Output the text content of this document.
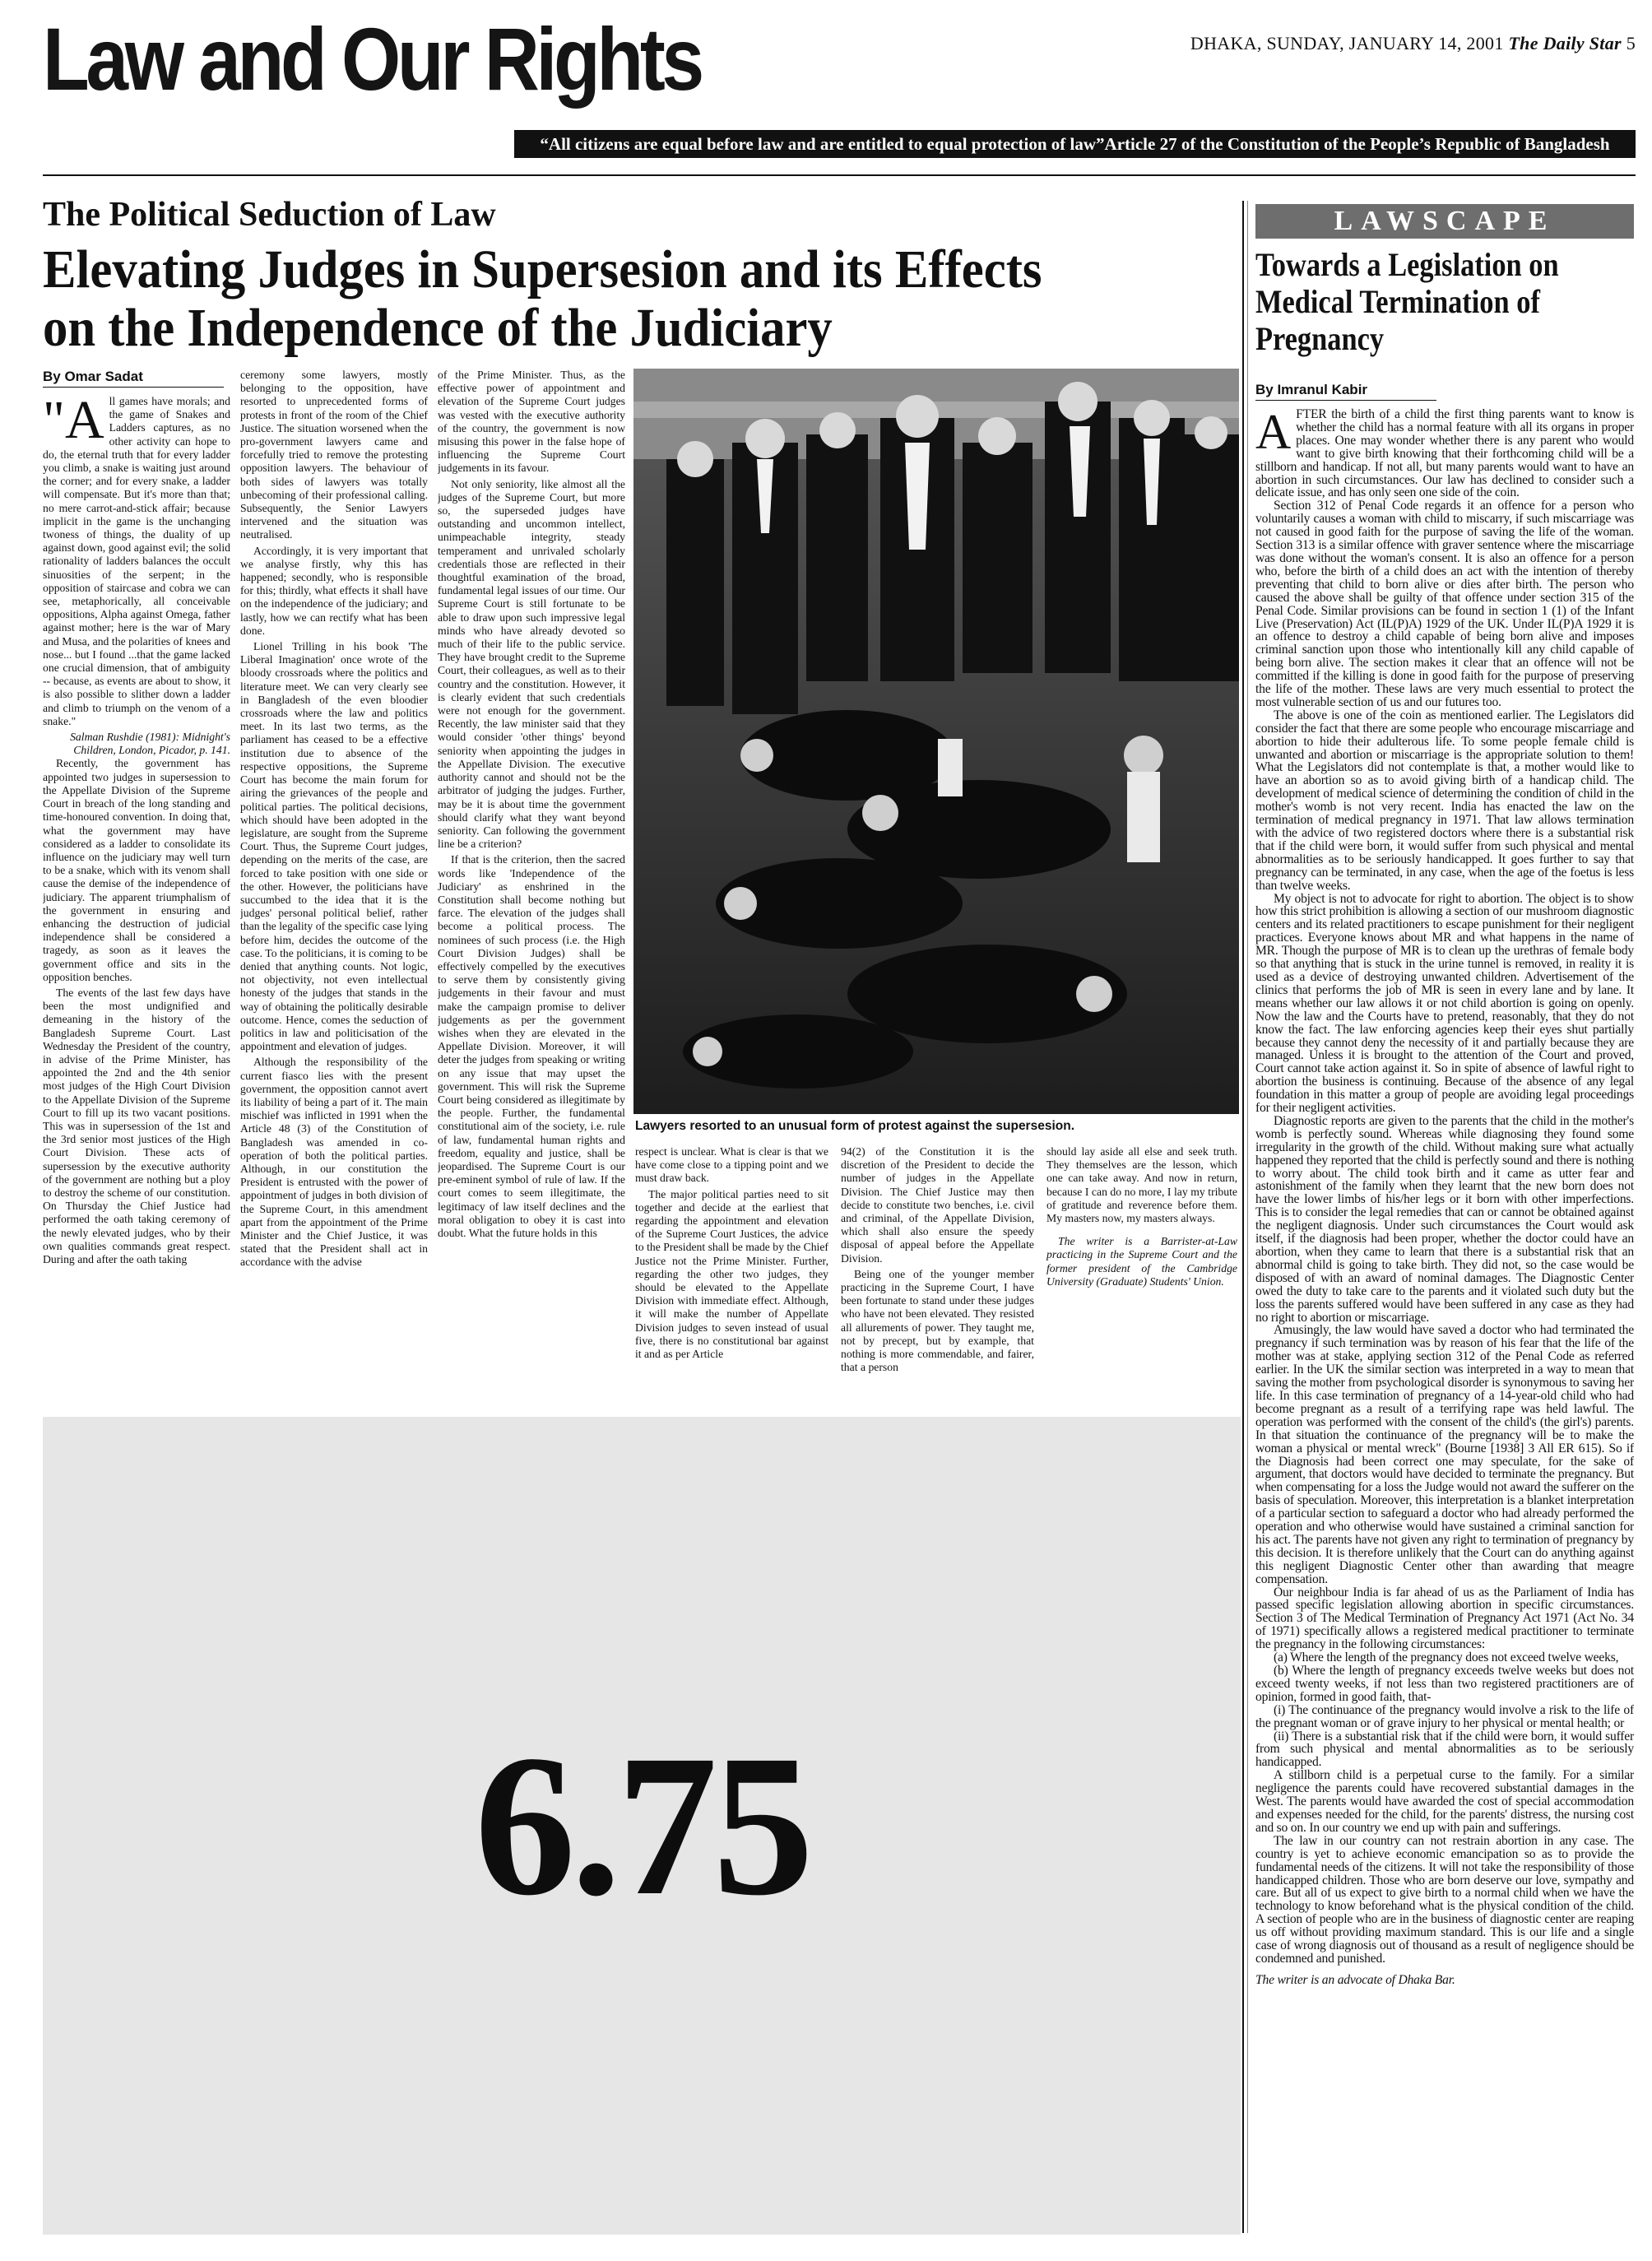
Law and Our Rights	DHAKA, SUNDAY, JANUARY 14, 2001 The Daily Star 5
“All citizens are equal before law and are entitled to equal protection of law”Article 27 of the Constitution of the People’s Republic of Bangladesh
The Political Seduction of Law
Elevating Judges in Supersesion and its Effects on the Independence of the Judiciary
By Omar Sadat

"All games have morals; and the game of Snakes and Ladders captures, as no other activity can hope to do, the eternal truth that for every ladder you climb, a snake is waiting just around the corner; and for every snake, a ladder will compensate. But it's more than that; no mere carrot-and-stick affair; because implicit in the game is the unchanging twoness of things, the duality of up against down, good against evil; the solid rationality of ladders balances the occult sinuosities of the serpent; in the opposition of staircase and cobra we can see, metaphorically, all conceivable oppositions, Alpha against Omega, father against mother; here is the war of Mary and Musa, and the polarities of knees and nose... but I found ...that the game lacked one crucial dimension, that of ambiguity -- because, as events are about to show, it is also possible to slither down a ladder and climb to triumph on the venom of a snake."

Salman Rushdie (1981): Midnight's Children, London, Picador, p. 141.

Recently, the government has appointed two judges in supersession to the Appellate Division of the Supreme Court in breach of the long standing and time-honoured convention. In doing that, what the government may have considered as a ladder to consolidate its influence on the judiciary may well turn to be a snake, which with its venom shall cause the demise of the independence of judiciary. The apparent triumphalism of the government in ensuring and enhancing the destruction of judicial independence shall be considered a tragedy, as soon as it leaves the government office and sits in the opposition benches.

The events of the last few days have been the most undignified and demeaning in the history of the Bangladesh Supreme Court. Last Wednesday the President of the country, in advise of the Prime Minister, has appointed the 2nd and the 4th senior most judges of the High Court Division to the Appellate Division of the Supreme Court to fill up its two vacant positions. This was in supersession of the 1st and the 3rd senior most justices of the High Court Division. These acts of supersession by the executive authority of the government are nothing but a ploy to destroy the scheme of our constitution. On Thursday the Chief Justice had performed the oath taking ceremony of the newly elevated judges, who by their own qualities commands great respect. During and after the oath taking

ceremony some lawyers, mostly belonging to the opposition, have resorted to unprecedented forms of protests in front of the room of the Chief Justice. The situation worsened when the pro-government lawyers came and forcefully tried to remove the protesting opposition lawyers. The behaviour of both sides of lawyers was totally unbecoming of their professional calling. Subsequently, the Senior Lawyers intervened and the situation was neutralised.

Accordingly, it is very important that we analyse firstly, why this has happened; secondly, who is responsible for this; thirdly, what effects it shall have on the independence of the judiciary; and lastly, how we can rectify what has been done.

Lionel Trilling in his book 'The Liberal Imagination' once wrote of the bloody crossroads where the politics and literature meet. We can very clearly see in Bangladesh of the even bloodier crossroads where the law and politics meet. In its last two terms, as the parliament has ceased to be a effective institution due to absence of the respective oppositions, the Supreme Court has become the main forum for airing the grievances of the people and political parties. The political decisions, which should have been adopted in the legislature, are sought from the Supreme Court. Thus, the Supreme Court judges, depending on the merits of the case, are forced to take position with one side or the other. However, the politicians have succumbed to the idea that it is the judges' personal political belief, rather than the legality of the specific case lying before him, decides the outcome of the case. To the politicians, it is coming to be denied that anything counts. Not logic, not objectivity, not even intellectual honesty of the judges that stands in the way of obtaining the politically desirable outcome. Hence, comes the seduction of politics in law and politicisation of the appointment and elevation of judges.

Although the responsibility of the current fiasco lies with the present government, the opposition cannot avert its liability of being a part of it. The main mischief was inflicted in 1991 when the Article 48 (3) of the Constitution of Bangladesh was amended in co-operation of both the political parties. Although, in our constitution the President is entrusted with the power of appointment of judges in both division of the Supreme Court, in this amendment apart from the appointment of the Prime Minister and the Chief Justice, it was stated that the President shall act in accordance with the advise

of the Prime Minister. Thus, as the effective power of appointment and elevation of the Supreme Court judges was vested with the executive authority of the country, the government is now misusing this power in the false hope of influencing the Supreme Court judgements in its favour.

Not only seniority, like almost all the judges of the Supreme Court, but more so, the superseded judges have outstanding and uncommon intellect, unimpeachable integrity, steady temperament and unrivaled scholarly credentials those are reflected in their thoughtful examination of the broad, fundamental legal issues of our time. Our Supreme Court is still fortunate to be able to draw upon such impressive legal minds who have already devoted so much of their life to the public service. They have brought credit to the Supreme Court, their colleagues, as well as to their country and the constitution. However, it is clearly evident that such credentials were not enough for the government. Recently, the law minister said that they would consider 'other things' beyond seniority when appointing the judges in the Appellate Division. The executive authority cannot and should not be the arbitrator of judging the judges. Further, may be it is about time the government should clarify what they want beyond seniority. Can following the government line be a criterion?

If that is the criterion, then the sacred words like 'Independence of the Judiciary' as enshrined in the Constitution shall become nothing but farce. The elevation of the judges shall become a political process. The nominees of such process (i.e. the High Court Division Judges) shall be effectively compelled by the executives to serve them by consistently giving judgements in their favour and must make the campaign promise to deliver judgements as per the government wishes when they are elevated in the Appellate Division. Moreover, it will deter the judges from speaking or writing on any issue that may upset the government. This will risk the Supreme Court being considered as illegitimate by the people. Further, the fundamental constitutional aim of the society, i.e. rule of law, fundamental human rights and freedom, equality and justice, shall be jeopardised. The Supreme Court is our pre-eminent symbol of rule of law. If the court comes to seem illegitimate, the legitimacy of law itself declines and the moral obligation to obey it is cast into doubt. What the future holds in this

Lawyers resorted to an unusual form of protest against the supersesion.

respect is unclear. What is clear is that we have come close to a tipping point and we must draw back.

The major political parties need to sit together and decide at the earliest that regarding the appointment and elevation of the Supreme Court Justices, the advice to the President shall be made by the Chief Justice not the Prime Minister. Further, regarding the other two judges, they should be elevated to the Appellate Division with immediate effect. Although, it will make the number of Appellate Division judges to seven instead of usual five, there is no constitutional bar against it and as per Article

94(2) of the Constitution it is the discretion of the President to decide the number of judges in the Appellate Division. The Chief Justice may then decide to constitute two benches, i.e. civil and criminal, of the Appellate Division, which shall also ensure the speedy disposal of appeal before the Appellate Division.

Being one of the younger member practicing in the Supreme Court, I have been fortunate to stand under these judges who have not been elevated. They resisted all allurements of power. They taught me, not by precept, but by example, that nothing is more commendable, and fairer, that a person

should lay aside all else and seek truth. They themselves are the lesson, which one can take away. And now in return, because I can do no more, I lay my tribute of gratitude and reverence before them. My masters now, my masters always.

The writer is a Barrister-at-Law practicing in the Supreme Court and the former president of the Cambridge University (Graduate) Students' Union.

6.75
LAWSCAPE
Towards a Legislation on Medical Termination of Pregnancy
By Imranul Kabir

AFTER the birth of a child the first thing parents want to know is whether the child has a normal feature with all its organs in proper places. One may wonder whether there is any parent who would want to give birth knowing that their forthcoming child will be a stillborn and handicap. If not all, but many parents would want to have an abortion in such circumstances. Our law has declined to consider such a delicate issue, and has only seen one side of the coin.

Section 312 of Penal Code regards it an offence for a person who voluntarily causes a woman with child to miscarry, if such miscarriage was not caused in good faith for the purpose of saving the life of the woman. Section 313 is a similar offence with graver sentence where the miscarriage was done without the woman's consent. It is also an offence for a person who, before the birth of a child does an act with the intention of thereby preventing that child to born alive or dies after birth. The person who caused the above shall be guilty of that offence under section 315 of the Penal Code. Similar provisions can be found in section 1 (1) of the Infant Live (Preservation) Act (IL(P)A) 1929 of the UK. Under IL(P)A 1929 it is an offence to destroy a child capable of being born alive and imposes criminal sanction upon those who intentionally kill any child capable of being born alive. The section makes it clear that an offence will not be committed if the killing is done in good faith for the purpose of preserving the life of the mother. These laws are very much essential to protect the most vulnerable section of us and our futures too.

The above is one of the coin as mentioned earlier. The Legislators did consider the fact that there are some people who encourage miscarriage and abortion to hide their adulterous life. To some people female child is unwanted and abortion or miscarriage is the appropriate solution to them! What the Legislators did not contemplate is that, a mother would like to have an abortion so as to avoid giving birth of a handicap child. The development of medical science of determining the condition of child in the mother's womb is not very recent. India has enacted the law on the termination of medical pregnancy in 1971. That law allows termination with the advice of two registered doctors where there is a substantial risk that if the child were born, it would suffer from such physical and mental abnormalities as to be seriously handicapped. It goes further to say that pregnancy can be terminated, in any case, when the age of the foetus is less than twelve weeks.

My object is not to advocate for right to abortion. The object is to show how this strict prohibition is allowing a section of our mushroom diagnostic centers and its related practitioners to escape punishment for their negligent practices. Everyone knows about MR and what happens in the name of MR. Though the purpose of MR is to clean up the urethras of female body so that anything that is stuck in the urine tunnel is removed, in reality it is used as a device of destroying unwanted children. Advertisement of the clinics that performs the job of MR is seen in every lane and by lane. It means whether our law allows it or not child abortion is going on openly. Now the law and the Courts have to pretend, reasonably, that they do not know the fact. The law enforcing agencies keep their eyes shut partially because they cannot deny the necessity of it and partially because they are managed. Unless it is brought to the attention of the Court and proved, Court cannot take action against it. So in spite of absence of lawful right to abortion the business is continuing. Because of the absence of any legal foundation in this matter a group of people are avoiding legal proceedings for their negligent activities.

Diagnostic reports are given to the parents that the child in the mother's womb is perfectly sound. Whereas while diagnosing they found some irregularity in the growth of the child. Without making sure what actually happened they reported that the child is perfectly sound and there is nothing to worry about. The child took birth and it came as utter fear and astonishment of the family when they learnt that the new born does not have the lower limbs of his/her legs or it born with other imperfections. This is to consider the legal remedies that can or cannot be obtained against the negligent diagnosis. Under such circumstances the Court would ask itself, if the diagnosis had been proper, whether the doctor could have an abortion, when they came to learn that there is a substantial risk that an abnormal child is going to take birth. They did not, so the case would be disposed of with an award of nominal damages. The Diagnostic Center owed the duty to take care to the parents and it violated such duty but the loss the parents suffered would have been suffered in any case as they had no right to abortion or miscarriage.

Amusingly, the law would have saved a doctor who had terminated the pregnancy if such termination was by reason of his fear that the life of the mother was at stake, applying section 312 of the Penal Code as referred earlier. In the UK the similar section was interpreted in a way to mean that saving the mother from psychological disorder is synonymous to saving her life. In this case termination of pregnancy of a 14-year-old child who had become pregnant as a result of a terrifying rape was held lawful. The operation was performed with the consent of the child's (the girl's) parents. In that situation the continuance of the pregnancy will be to make the woman a physical or mental wreck" (Bourne [1938] 3 All ER 615). So if the Diagnosis had been correct one may speculate, for the sake of argument, that doctors would have decided to terminate the pregnancy. But when compensating for a loss the Judge would not award the sufferer on the basis of speculation. Moreover, this interpretation is a blanket interpretation of a particular section to safeguard a doctor who had already performed the operation and who otherwise would have sustained a criminal sanction for his act. The parents have not given any right to termination of pregnancy by this decision. It is therefore unlikely that the Court can do anything against this negligent Diagnostic Center other than awarding that meagre compensation.

Our neighbour India is far ahead of us as the Parliament of India has passed specific legislation allowing abortion in specific circumstances. Section 3 of The Medical Termination of Pregnancy Act 1971 (Act No. 34 of 1971) specifically allows a registered medical practitioner to terminate the pregnancy in the following circumstances:

(a) Where the length of the pregnancy does not exceed twelve weeks,

(b) Where the length of pregnancy exceeds twelve weeks but does not exceed twenty weeks, if not less than two registered practitioners are of opinion, formed in good faith, that-

(i) The continuance of the pregnancy would involve a risk to the life of the pregnant woman or of grave injury to her physical or mental health; or

(ii) There is a substantial risk that if the child were born, it would suffer from such physical and mental abnormalities as to be seriously handicapped.

A stillborn child is a perpetual curse to the family. For a similar negligence the parents could have recovered substantial damages in the West. The parents would have awarded the cost of special accommodation and expenses needed for the child, for the parents' distress, the nursing cost and so on. In our country we end up with pain and sufferings.

The law in our country can not restrain abortion in any case. The country is yet to achieve economic emancipation so as to provide the fundamental needs of the citizens. It will not take the responsibility of those handicapped children. Those who are born deserve our love, sympathy and care. But all of us expect to give birth to a normal child when we have the technology to know beforehand what is the physical condition of the child. A section of people who are in the business of diagnostic center are reaping us off without providing maximum standard. This is our life and a single case of wrong diagnosis out of thousand as a result of negligence should be condemned and punished.

The writer is an advocate of Dhaka Bar.
